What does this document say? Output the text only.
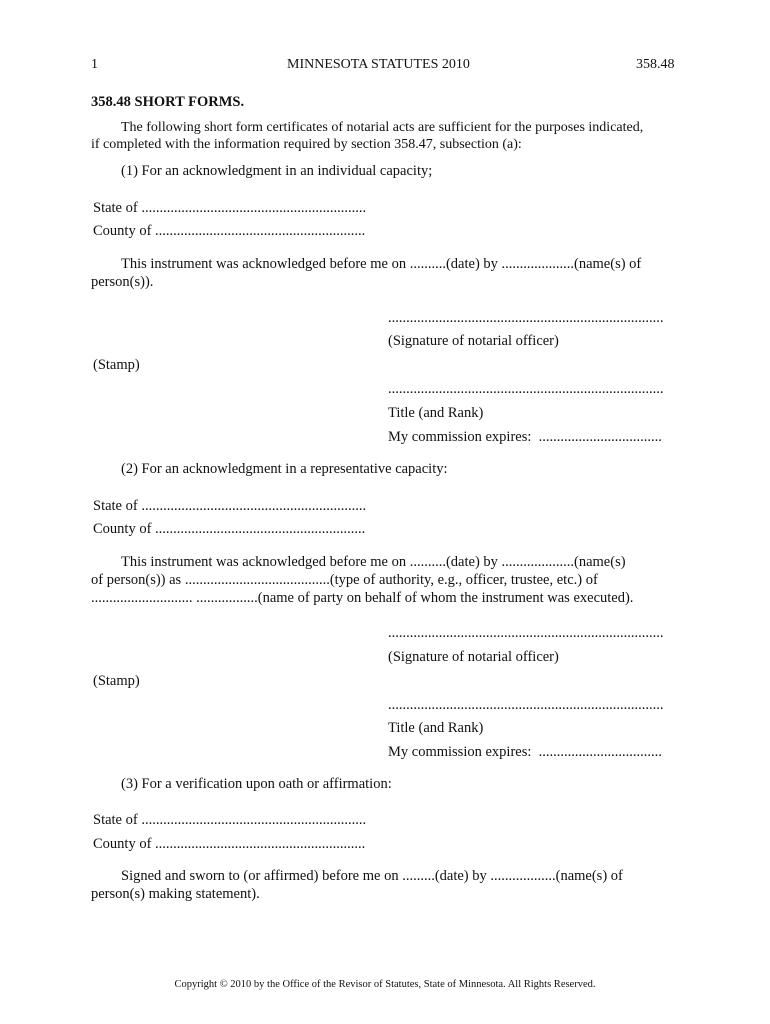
1	MINNESOTA STATUTES 2010	358.48
358.48 SHORT FORMS.
The following short form certificates of notarial acts are sufficient for the purposes indicated,
if completed with the information required by section 358.47, subsection (a):
(1) For an acknowledgment in an individual capacity;
State of ..............................................................
County of ..........................................................
This instrument was acknowledged before me on ..........(date) by ....................(name(s) of
person(s)).
............................................................................
(Signature of notarial officer)
(Stamp)
............................................................................
Title (and Rank)
My commission expires:  ..................................
(2) For an acknowledgment in a representative capacity:
State of ..............................................................
County of ..........................................................
This instrument was acknowledged before me on ..........(date) by ....................(name(s)
of person(s)) as ........................................(type of authority, e.g., officer, trustee, etc.) of
............................ .................(name of party on behalf of whom the instrument was executed).
............................................................................
(Signature of notarial officer)
(Stamp)
............................................................................
Title (and Rank)
My commission expires:  ..................................
(3) For a verification upon oath or affirmation:
State of ..............................................................
County of ..........................................................
Signed and sworn to (or affirmed) before me on .........(date) by ..................(name(s) of
person(s) making statement).
Copyright © 2010 by the Office of the Revisor of Statutes, State of Minnesota. All Rights Reserved.
